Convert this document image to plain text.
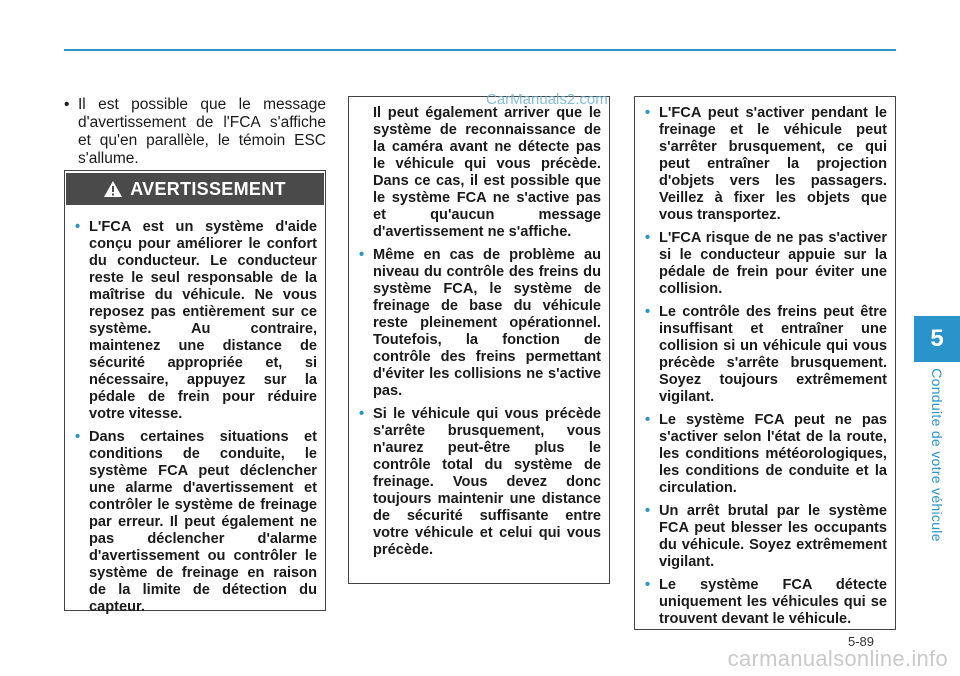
• Il est possible que le message d'avertissement de l'FCA s'affiche et qu'en parallèle, le témoin ESC s'allume.
AVERTISSEMENT
• L'FCA est un système d'aide conçu pour améliorer le confort du conducteur. Le conducteur reste le seul responsable de la maîtrise du véhicule. Ne vous reposez pas entièrement sur ce système. Au contraire, maintenez une distance de sécurité appropriée et, si nécessaire, appuyez sur la pédale de frein pour réduire votre vitesse.
• Dans certaines situations et conditions de conduite, le système FCA peut déclencher une alarme d'avertissement et contrôler le système de freinage par erreur. Il peut également ne pas déclencher d'alarme d'avertissement ou contrôler le système de freinage en raison de la limite de détection du capteur.
Il peut également arriver que le système de reconnaissance de la caméra avant ne détecte pas le véhicule qui vous précède. Dans ce cas, il est possible que le système FCA ne s'active pas et qu'aucun message d'avertissement ne s'affiche.
• Même en cas de problème au niveau du contrôle des freins du système FCA, le système de freinage de base du véhicule reste pleinement opérationnel. Toutefois, la fonction de contrôle des freins permettant d'éviter les collisions ne s'active pas.
• Si le véhicule qui vous précède s'arrête brusquement, vous n'aurez peut-être plus le contrôle total du système de freinage. Vous devez donc toujours maintenir une distance de sécurité suffisante entre votre véhicule et celui qui vous précède.
• L'FCA peut s'activer pendant le freinage et le véhicule peut s'arrêter brusquement, ce qui peut entraîner la projection d'objets vers les passagers. Veillez à fixer les objets que vous transportez.
• L'FCA risque de ne pas s'activer si le conducteur appuie sur la pédale de frein pour éviter une collision.
• Le contrôle des freins peut être insuffisant et entraîner une collision si un véhicule qui vous précède s'arrête brusquement. Soyez toujours extrêmement vigilant.
• Le système FCA peut ne pas s'activer selon l'état de la route, les conditions météorologiques, les conditions de conduite et la circulation.
• Un arrêt brutal par le système FCA peut blesser les occupants du véhicule. Soyez extrêmement vigilant.
• Le système FCA détecte uniquement les véhicules qui se trouvent devant le véhicule.
CarManuals2.com
5
Conduite de votre véhicule
5-89
carmanualsonline.info
